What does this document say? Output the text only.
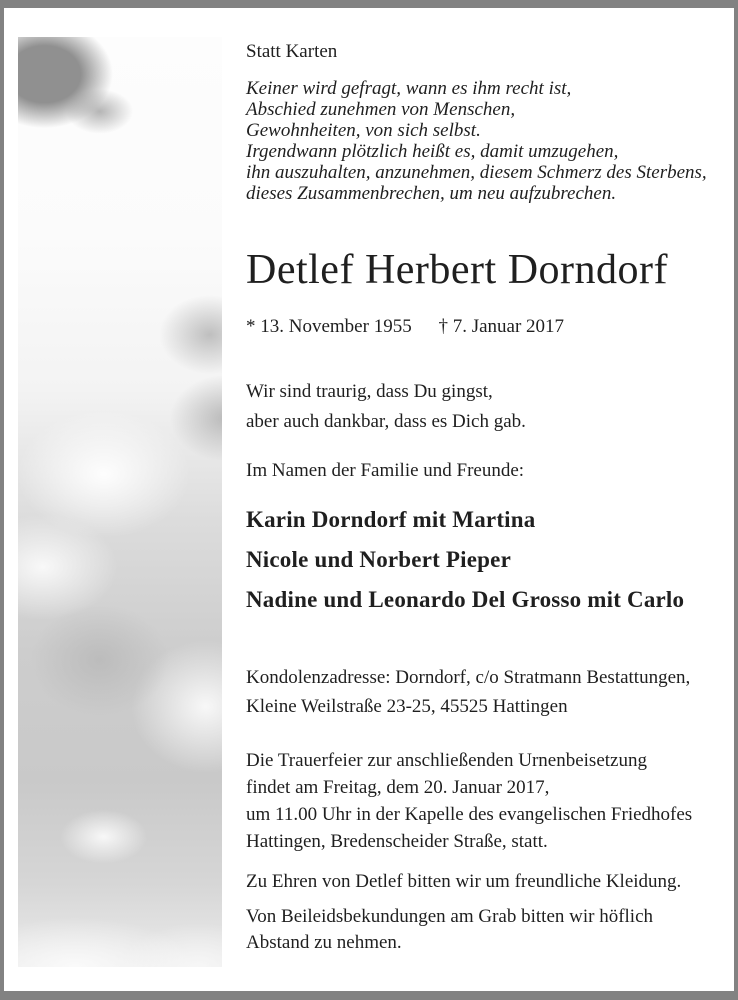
Statt Karten
Keiner wird gefragt, wann es ihm recht ist,
Abschied zunehmen von Menschen,
Gewohnheiten, von sich selbst.
Irgendwann plötzlich heißt es, damit umzugehen,
ihn auszuhalten, anzunehmen, diesem Schmerz des Sterbens,
dieses Zusammenbrechen, um neu aufzubrechen.
Detlef Herbert Dorndorf
* 13. November 1955 † 7. Januar 2017
Wir sind traurig, dass Du gingst,
aber auch dankbar, dass es Dich gab.
Im Namen der Familie und Freunde:
Karin Dorndorf mit Martina
Nicole und Norbert Pieper
Nadine und Leonardo Del Grosso mit Carlo
Kondolenzadresse: Dorndorf, c/o Stratmann Bestattungen,
Kleine Weilstraße 23-25, 45525 Hattingen
Die Trauerfeier zur anschließenden Urnenbeisetzung
findet am Freitag, dem 20. Januar 2017,
um 11.00 Uhr in der Kapelle des evangelischen Friedhofes
Hattingen, Bredenscheider Straße, statt.
Zu Ehren von Detlef bitten wir um freundliche Kleidung.
Von Beileidsbekundungen am Grab bitten wir höflich
Abstand zu nehmen.
